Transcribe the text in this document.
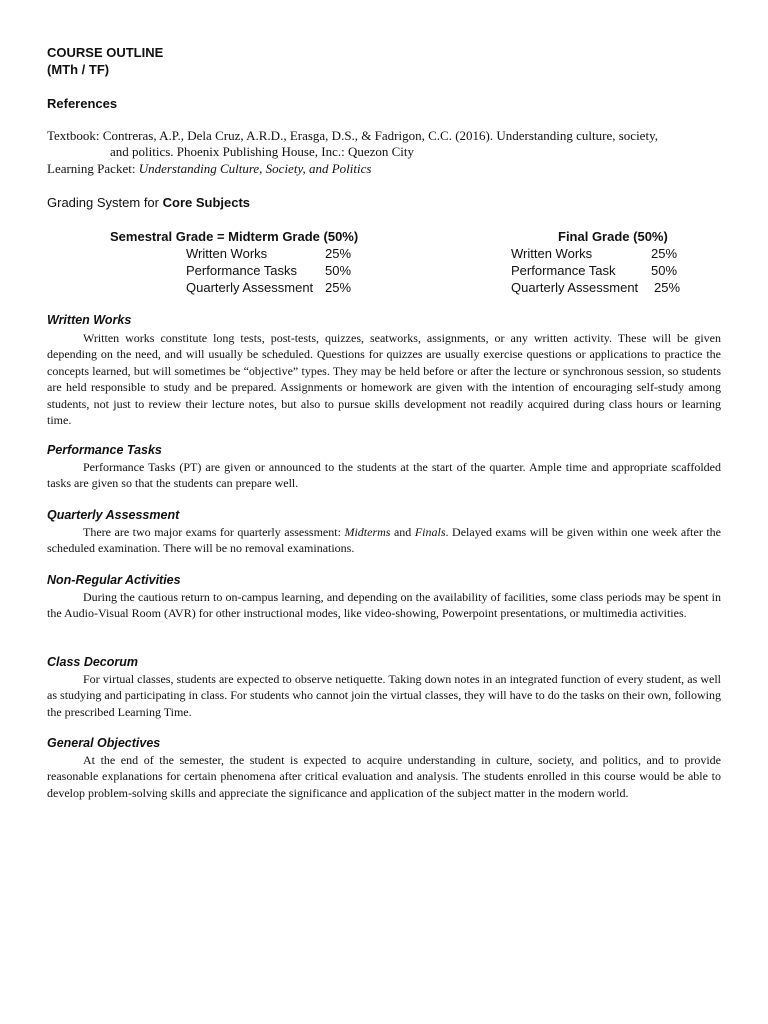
COURSE OUTLINE
(MTh / TF)
References
Textbook: Contreras, A.P., Dela Cruz, A.R.D., Erasga, D.S., & Fadrigon, C.C. (2016). Understanding culture, society,
and politics. Phoenix Publishing House, Inc.: Quezon City
Learning Packet: Understanding Culture, Society, and Politics
Grading System for Core Subjects
Semestral Grade = Midterm Grade (50%)
Written Works	25%
Performance Tasks 50%
Quarterly Assessment 25%
Final Grade (50%)
Written Works	25%
Performance Task	50%
Quarterly Assessment 25%
Written Works
Written works constitute long tests, post-tests, quizzes, seatworks, assignments, or any written activity. These will be given depending on the need, and will usually be scheduled. Questions for quizzes are usually exercise questions or applications to practice the concepts learned, but will sometimes be “objective” types. They may be held before or after the lecture or synchronous session, so students are held responsible to study and be prepared. Assignments or homework are given with the intention of encouraging self-study among students, not just to review their lecture notes, but also to pursue skills development not readily acquired during class hours or learning time.
Performance Tasks
Performance Tasks (PT) are given or announced to the students at the start of the quarter. Ample time and appropriate scaffolded tasks are given so that the students can prepare well.
Quarterly Assessment
There are two major exams for quarterly assessment: Midterms and Finals. Delayed exams will be given within one week after the scheduled examination. There will be no removal examinations.
Non-Regular Activities
During the cautious return to on-campus learning, and depending on the availability of facilities, some class periods may be spent in the Audio-Visual Room (AVR) for other instructional modes, like video-showing, Powerpoint presentations, or multimedia activities.
Class Decorum
For virtual classes, students are expected to observe netiquette. Taking down notes in an integrated function of every student, as well as studying and participating in class. For students who cannot join the virtual classes, they will have to do the tasks on their own, following the prescribed Learning Time.
General Objectives
At the end of the semester, the student is expected to acquire understanding in culture, society, and politics, and to provide reasonable explanations for certain phenomena after critical evaluation and analysis. The students enrolled in this course would be able to develop problem-solving skills and appreciate the significance and application of the subject matter in the modern world.
